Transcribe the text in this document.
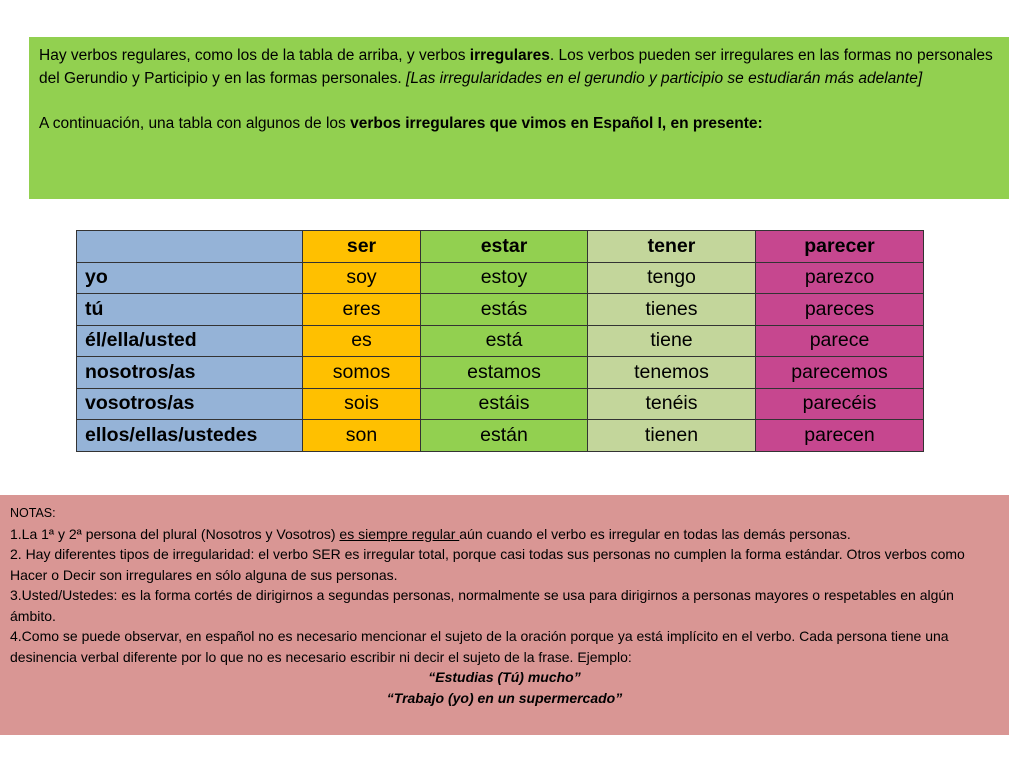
Hay verbos regulares, como los de la tabla de arriba, y verbos irregulares. Los verbos pueden ser irregulares en las formas no personales del Gerundio y Participio y en las formas personales. [Las irregularidades en el gerundio y participio se estudiarán más adelante]

A continuación, una tabla con algunos de los verbos irregulares que vimos en Español I, en presente:

	ser	estar	tener	parecer
yo	soy	estoy	tengo	parezco
tú	eres	estás	tienes	pareces
él/ella/usted	es	está	tiene	parece
nosotros/as	somos	estamos	tenemos	parecemos
vosotros/as	sois	estáis	tenéis	parecéis
ellos/ellas/ustedes	son	están	tienen	parecen

NOTAS:

1.La 1ª y 2ª persona del plural (Nosotros y Vosotros) es siempre regular aún cuando el verbo es irregular en todas las demás personas.

2. Hay diferentes tipos de irregularidad: el verbo SER es irregular total, porque casi todas sus personas no cumplen la forma estándar. Otros verbos como Hacer o Decir son irregulares en sólo alguna de sus personas.

3.Usted/Ustedes: es la forma cortés de dirigirnos a segundas personas, normalmente se usa para dirigirnos a personas mayores o respetables en algún ámbito.

4.Como se puede observar, en español no es necesario mencionar el sujeto de la oración porque ya está implícito en el verbo. Cada persona tiene una desinencia verbal diferente por lo que no es necesario escribir ni decir el sujeto de la frase. Ejemplo:

“Estudias (Tú) mucho”

“Trabajo (yo) en un supermercado”
